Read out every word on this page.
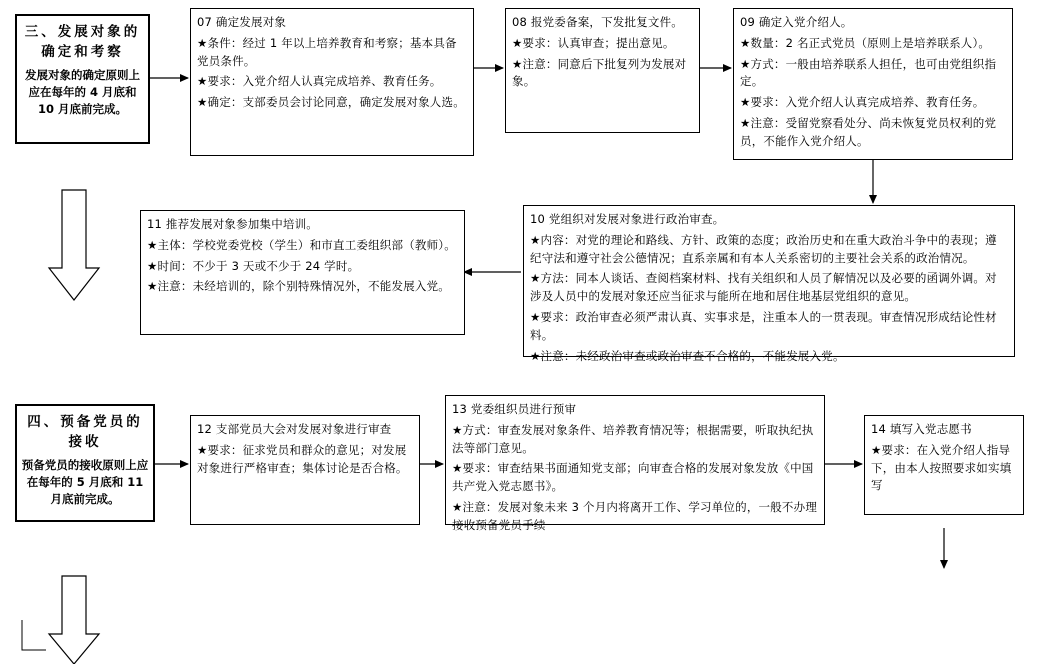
三、发展对象的确定和考察
发展对象的确定原则上应在每年的 4 月底和 10 月底前完成。

07 确定发展对象

★条件：经过 1 年以上培养教育和考察；基本具备党员条件。

★要求：入党介绍人认真完成培养、教育任务。

★确定：支部委员会讨论同意，确定发展对象人选。

08 报党委备案，下发批复文件。

★要求：认真审查；提出意见。

★注意：同意后下批复列为发展对象。

09 确定入党介绍人。

★数量：2 名正式党员（原则上是培养联系人）。

★方式：一般由培养联系人担任，也可由党组织指定。

★要求：入党介绍人认真完成培养、教育任务。

★注意：受留党察看处分、尚未恢复党员权利的党员，不能作入党介绍人。

10 党组织对发展对象进行政治审查。

★内容：对党的理论和路线、方针、政策的态度；政治历史和在重大政治斗争中的表现；遵纪守法和遵守社会公德情况；直系亲属和有本人关系密切的主要社会关系的政治情况。

★方法：同本人谈话、查阅档案材料、找有关组织和人员了解情况以及必要的函调外调。对涉及人员中的发展对象还应当征求与能所在地和居住地基层党组织的意见。

★要求：政治审查必须严肃认真、实事求是，注重本人的一贯表现。审查情况形成结论性材料。

★注意：未经政治审查或政治审查不合格的，不能发展入党。

11 推荐发展对象参加集中培训。

★主体：学校党委党校（学生）和市直工委组织部（教师）。

★时间：不少于 3 天或不少于 24 学时。

★注意：未经培训的，除个别特殊情况外，不能发展入党。

四、预备党员的接收
预备党员的接收原则上应在每年的 5 月底和 11 月底前完成。

12 支部党员大会对发展对象进行审查

★要求：征求党员和群众的意见；对发展对象进行严格审查；集体讨论是否合格。

13 党委组织员进行预审

★方式：审查发展对象条件、培养教育情况等；根据需要，听取执纪执法等部门意见。

★要求：审查结果书面通知党支部；向审查合格的发展对象发放《中国共产党入党志愿书》。

★注意：发展对象未来 3 个月内将离开工作、学习单位的，一般不办理接收预备党员手续

14 填写入党志愿书

★要求：在入党介绍人指导下，由本人按照要求如实填写
